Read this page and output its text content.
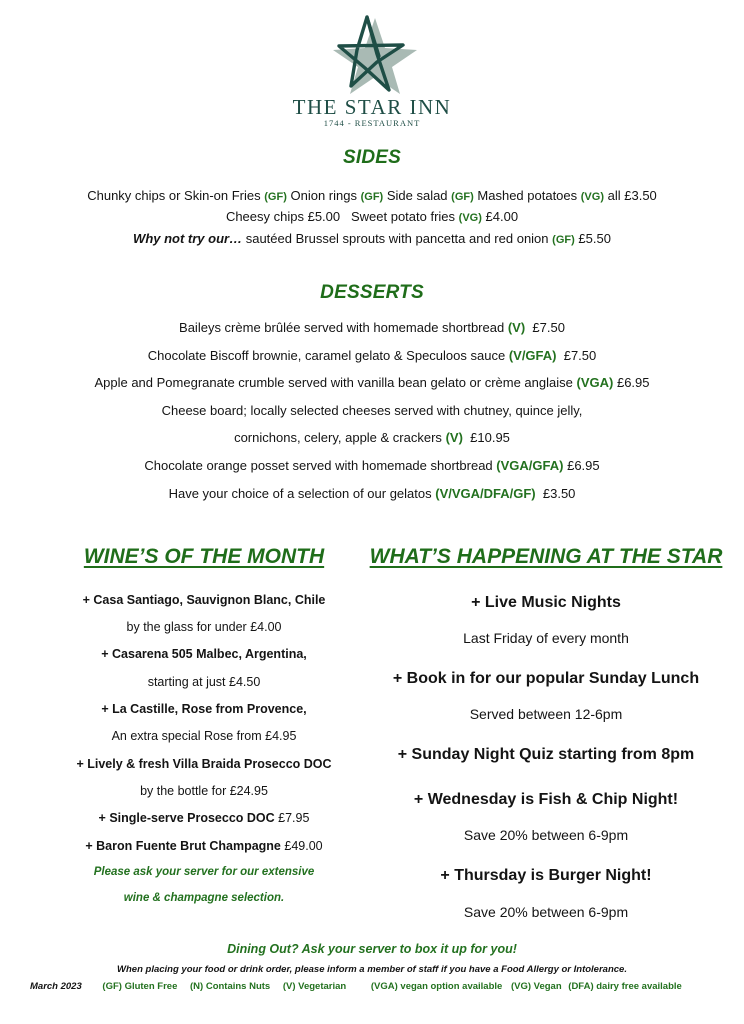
THE STAR INN
1744 - RESTAURANT
SIDES
Chunky chips or Skin-on Fries (GF) Onion rings (GF) Side salad (GF) Mashed potatoes (VG) all £3.50
Cheesy chips £5.00 Sweet potato fries (VG) £4.00
Why not try our… sautéed Brussel sprouts with pancetta and red onion (GF) £5.50
DESSERTS
Baileys crème brûlée served with homemade shortbread (V) £7.50
Chocolate Biscoff brownie, caramel gelato & Speculoos sauce (V/GFA) £7.50
Apple and Pomegranate crumble served with vanilla bean gelato or crème anglaise (VGA) £6.95
Cheese board; locally selected cheeses served with chutney, quince jelly,
cornichons, celery, apple & crackers (V) £10.95
Chocolate orange posset served with homemade shortbread (VGA/GFA) £6.95
Have your choice of a selection of our gelatos (V/VGA/DFA/GF) £3.50
WINE’S OF THE MONTH
+ Casa Santiago, Sauvignon Blanc, Chile
by the glass for under £4.00
+ Casarena 505 Malbec, Argentina,
starting at just £4.50
+ La Castille, Rose from Provence,
An extra special Rose from £4.95
+ Lively & fresh Villa Braida Prosecco DOC
by the bottle for £24.95
+ Single-serve Prosecco DOC £7.95
+ Baron Fuente Brut Champagne £49.00
Please ask your server for our extensive
wine & champagne selection.
WHAT’S HAPPENING AT THE STAR
+ Live Music Nights
Last Friday of every month
+ Book in for our popular Sunday Lunch
Served between 12-6pm
+ Sunday Night Quiz starting from 8pm
+ Wednesday is Fish & Chip Night!
Save 20% between 6-9pm
+ Thursday is Burger Night!
Save 20% between 6-9pm
Dining Out? Ask your server to box it up for you!
When placing your food or drink order, please inform a member of staff if you have a Food Allergy or Intolerance.
March 2023 (GF) Gluten Free (N) Contains Nuts (V) Vegetarian	(VGA) vegan option available (VG) Vegan (DFA) dairy free available
